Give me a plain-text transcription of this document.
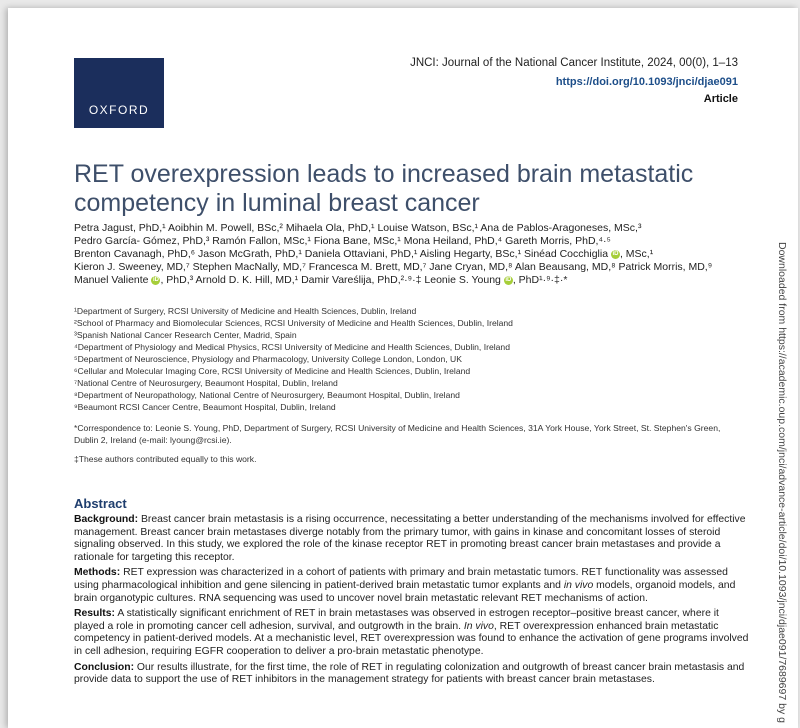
OXFORD
JNCI: Journal of the National Cancer Institute, 2024, 00(0), 1–13
https://doi.org/10.1093/jnci/djae091
Article
RET overexpression leads to increased brain metastatic competency in luminal breast cancer

Petra Jagust, PhD,¹ Aoibhin M. Powell, BSc,² Mihaela Ola, PhD,¹ Louise Watson, BSc,¹ Ana de Pablos-Aragoneses, MSc,³

Pedro García- Gómez, PhD,³ Ramón Fallon, MSc,¹ Fiona Bane, MSc,¹ Mona Heiland, PhD,⁴ Gareth Morris, PhD,⁴·⁵

Brenton Cavanagh, PhD,⁶ Jason McGrath, PhD,¹ Daniela Ottaviani, PhD,¹ Aisling Hegarty, BSc,¹ Sinéad Cocchiglia iD , MSc,¹

Kieron J. Sweeney, MD,⁷ Stephen MacNally, MD,⁷ Francesca M. Brett, MD,⁷ Jane Cryan, MD,⁸ Alan Beausang, MD,⁸ Patrick Morris, MD,⁹

Manuel Valiente iD , PhD,³ Arnold D. K. Hill, MD,¹ Damir Vareślija, PhD,²·⁹·‡ Leonie S. Young iD , PhD¹·⁹·‡·*

¹Department of Surgery, RCSI University of Medicine and Health Sciences, Dublin, Ireland

²School of Pharmacy and Biomolecular Sciences, RCSI University of Medicine and Health Sciences, Dublin, Ireland

³Spanish National Cancer Research Center, Madrid, Spain

⁴Department of Physiology and Medical Physics, RCSI University of Medicine and Health Sciences, Dublin, Ireland

⁵Department of Neuroscience, Physiology and Pharmacology, University College London, London, UK

⁶Cellular and Molecular Imaging Core, RCSI University of Medicine and Health Sciences, Dublin, Ireland

⁷National Centre of Neurosurgery, Beaumont Hospital, Dublin, Ireland

⁸Department of Neuropathology, National Centre of Neurosurgery, Beaumont Hospital, Dublin, Ireland

⁹Beaumont RCSI Cancer Centre, Beaumont Hospital, Dublin, Ireland

*Correspondence to: Leonie S. Young, PhD, Department of Surgery, RCSI University of Medicine and Health Sciences, 31A York House, York Street, St. Stephen's Green, Dublin 2, Ireland (e-mail: lyoung@rcsi.ie).

‡These authors contributed equally to this work.

Abstract

Background: Breast cancer brain metastasis is a rising occurrence, necessitating a better understanding of the mechanisms involved for effective management. Breast cancer brain metastases diverge notably from the primary tumor, with gains in kinase and concomitant losses of steroid signaling observed. In this study, we explored the role of the kinase receptor RET in promoting breast cancer brain metastases and provide a rationale for targeting this receptor.

Methods: RET expression was characterized in a cohort of patients with primary and brain metastatic tumors. RET functionality was assessed using pharmacological inhibition and gene silencing in patient-derived brain metastatic tumor explants and in vivo models, organoid models, and brain organotypic cultures. RNA sequencing was used to uncover novel brain metastatic relevant RET mechanisms of action.

Results: A statistically significant enrichment of RET in brain metastases was observed in estrogen receptor–positive breast cancer, where it played a role in promoting cancer cell adhesion, survival, and outgrowth in the brain. In vivo, RET overexpression enhanced brain metastatic competency in patient-derived models. At a mechanistic level, RET overexpression was found to enhance the activation of gene programs involved in cell adhesion, requiring EGFR cooperation to deliver a pro-brain metastatic phenotype.

Conclusion: Our results illustrate, for the first time, the role of RET in regulating colonization and outgrowth of breast cancer brain metastasis and provide data to support the use of RET inhibitors in the management strategy for patients with breast cancer brain metastases.	Downloaded from https://academic.oup.com/jnci/advance-article/doi/10.1093/jnci/djae091/7689697 by g
